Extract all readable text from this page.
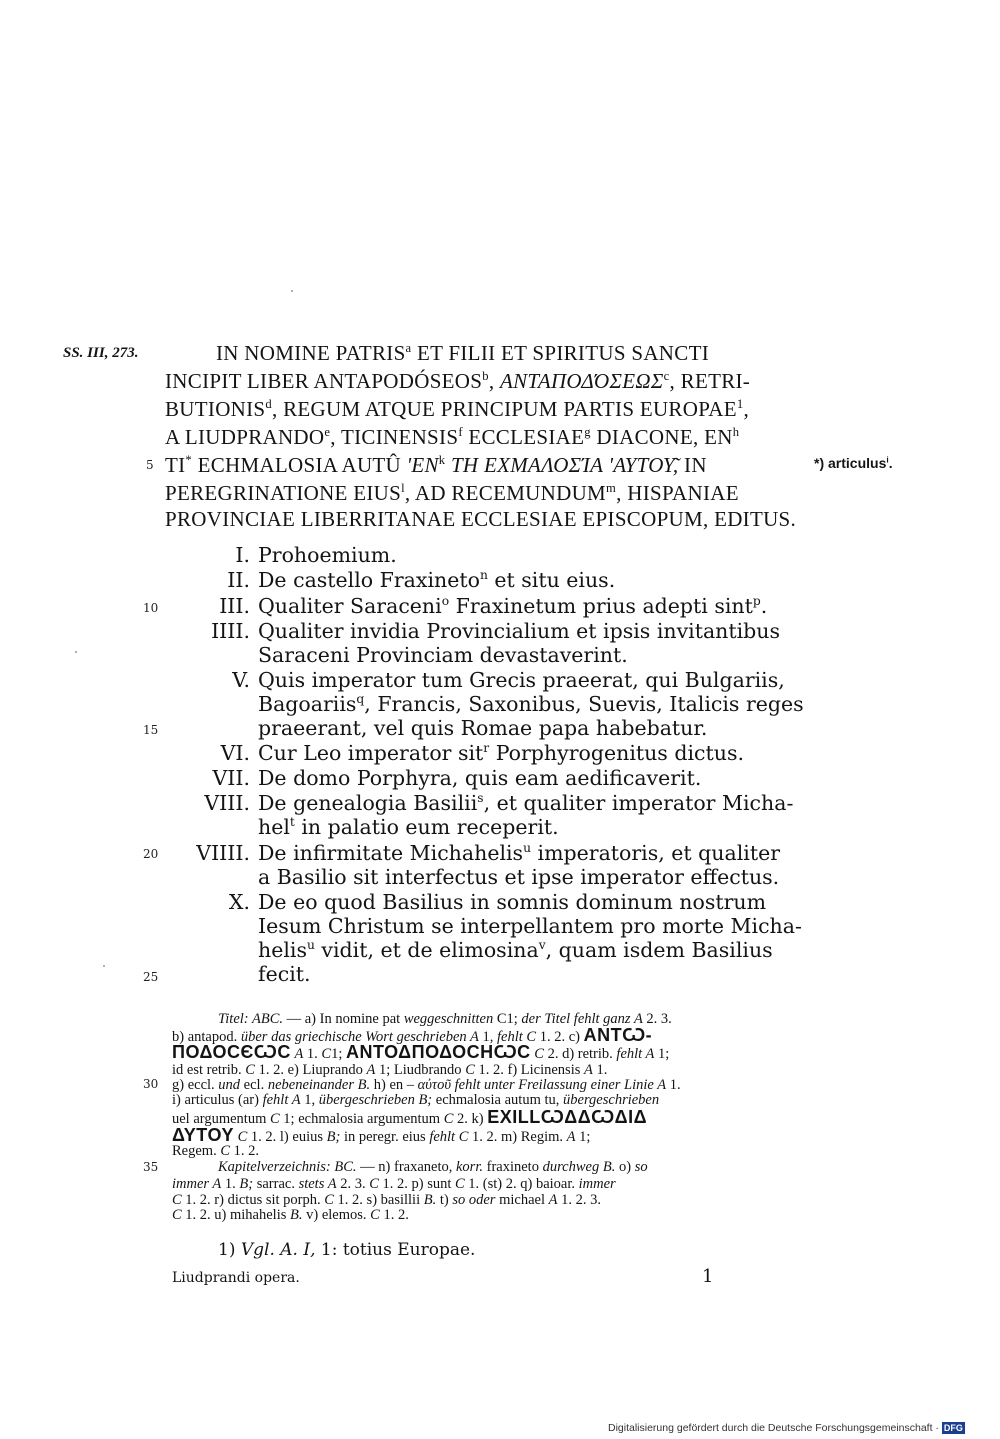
SS. III, 273.	IN NOMINE PATRIS$^a$ ET FILII ET SPIRITUS SANCTI
INCIPIT LIBER ANTAPODÓSEOS$^b$, ΑΝΤΑΠΟΔΌΣΕΩΣ$^c$, RETRI-
BUTIONIS$^d$, REGUM ATQUE PRINCIPUM PARTIS EUROPAE$^1$,
A LIUDPRANDO$^e$, TICINENSIS$^f$ ECCLESIAE$^g$ DIACONE, $EN^h$
TI* ECHMALOSIA AUTÛ '$EN^k$ ΤΗ ΕΧΜΑΛΟΣΊΑ 'ΑΥΤΟΥ̃, IN
PEREGRINATIONE EIUS$^l$, AD RECEMUNDUM$^m$, HISPANIAE
PROVINCIAE LIBERRITANAE ECCLESIAE EPISCOPUM, EDITUS.
*) articulus$^i$.
5
10
15
20
25
30
35
I. Prohoemium.
II. De castello Fraxineto$^n$ et situ eius.
III. Qualiter Saraceni$^o$ Fraxinetum prius adepti sint$^p$.
IIII. Qualiter invidia Provincialium et ipsis invitantibus
Saraceni Provinciam devastaverint.
V. Quis imperator tum Grecis praeerat, qui Bulgariis,
Bagoariis$^q$, Francis, Saxonibus, Suevis, Italicis reges
praeerant, vel quis Romae papa habebatur.
VI. Cur Leo imperator sit$^r$ Porphyrogenitus dictus.
VII. De domo Porphyra, quis eam aedificaverit.
VIII. De genealogia Basilii$^s$, et qualiter imperator Micha-
hel$^t$ in palatio eum receperit.
VIIII. De infirmitate Michahelis$^u$ imperatoris, et qualiter
a Basilio sit interfectus et ipse imperator effectus.
X. De eo quod Basilius in somnis dominum nostrum
Iesum Christum se interpellantem pro morte Micha-
helis$^u$ vidit, et de elimosina$^v$, quam isdem Basilius
fecit.
Titel: ABC. — a) In nomine pat weggeschnitten C1; der Titel fehlt ganz A 2. 3.
b) antapod. über das griechische Wort geschrieben A 1, fehlt C 1. 2. c) ΑΝΤѠ-
ΠΟΔΟϹЄѠϹ A 1. C1; ΑΝΤΟΔΠΟΔΟϹΗѠϹ C 2. d) retrib. fehlt A 1;
id est retrib. C 1. 2. e) Liuprando A 1; Liudbrando C 1. 2. f) Licinensis A 1.
g) eccl. und ecl. nebeneinander B. h) en – αὐτοῦ fehlt unter Freilassung einer Linie A 1.
i) articulus (ar) fehlt A 1, übergeschrieben B; echmalosia autum tu, übergeschrieben
uel argumentum C 1; echmalosia argumentum C 2. k) ΕΧΙLLѠΔΔѠΔΙΔ
ΔΥΤΟΥ C 1. 2. l) euius B; in peregr. eius fehlt C 1. 2. m) Regim. A 1;
Regem. C 1. 2.
Kapitelverzeichnis: BC. — n) fraxaneto, korr. fraxineto durchweg B. o) so
immer A 1. B; sarrac. stets A 2. 3. C 1. 2. p) sunt C 1. (st) 2. q) baioar. immer
C 1. 2. r) dictus sit porph. C 1. 2. s) basillii B. t) so oder michael A 1. 2. 3.
C 1. 2. u) mihahelis B. v) elemos. C 1. 2.
1) Vgl. A. I, 1: totius Europae.
Liudprandi opera.	1
Digitalisierung gefördert durch die Deutsche Forschungsgemeinschaft · DFG
